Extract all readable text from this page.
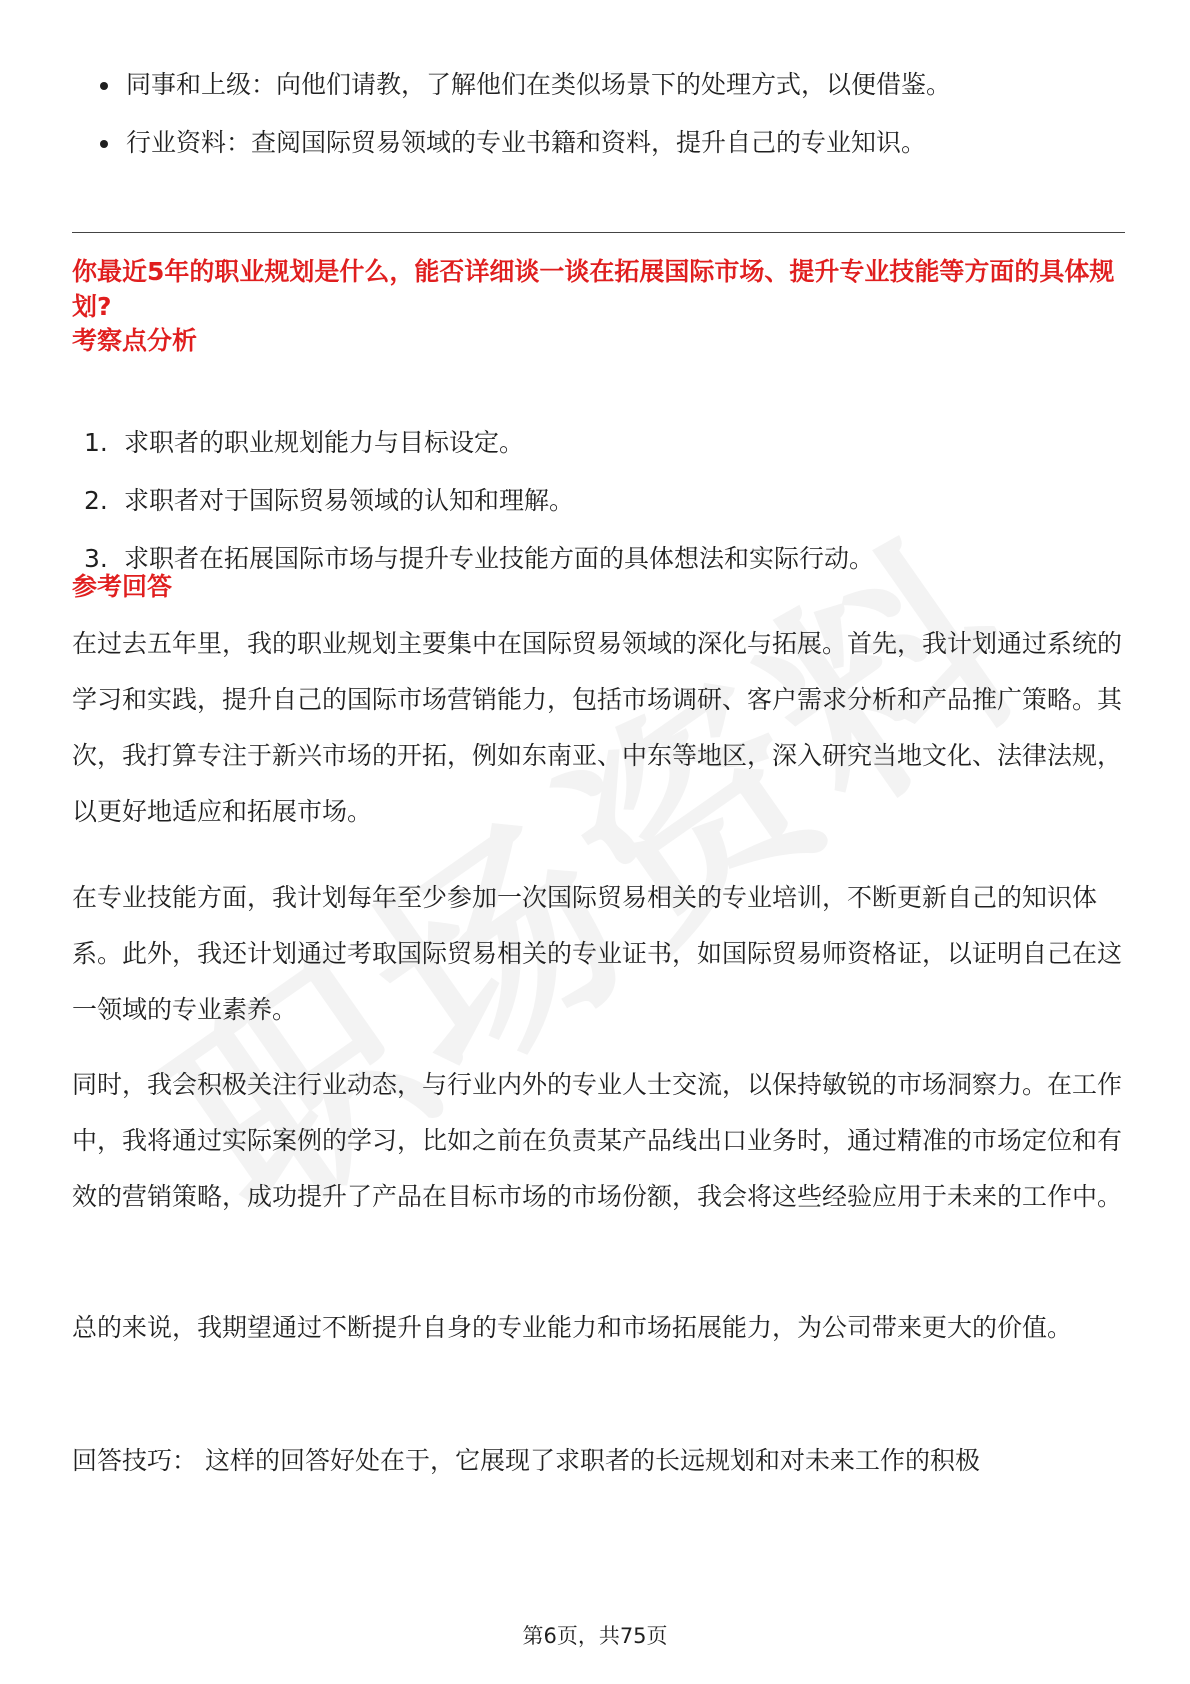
同事和上级：向他们请教，了解他们在类似场景下的处理方式，以便借鉴。
行业资料：查阅国际贸易领域的专业书籍和资料，提升自己的专业知识。
你最近5年的职业规划是什么，能否详细谈一谈在拓展国际市场、提升专业技能等方面的具体规划?
考察点分析
1. 求职者的职业规划能力与目标设定。
2. 求职者对于国际贸易领域的认知和理解。
3. 求职者在拓展国际市场与提升专业技能方面的具体想法和实际行动。
参考回答

在过去五年里，我的职业规划主要集中在国际贸易领域的深化与拓展。首先，我计划通过系统的学习和实践，提升自己的国际市场营销能力，包括市场调研、客户需求分析和产品推广策略。其次，我打算专注于新兴市场的开拓，例如东南亚、中东等地区，深入研究当地文化、法律法规，以更好地适应和拓展市场。

在专业技能方面，我计划每年至少参加一次国际贸易相关的专业培训，不断更新自己的知识体系。此外，我还计划通过考取国际贸易相关的专业证书，如国际贸易师资格证，以证明自己在这一领域的专业素养。

同时，我会积极关注行业动态，与行业内外的专业人士交流，以保持敏锐的市场洞察力。在工作中，我将通过实际案例的学习，比如之前在负责某产品线出口业务时，通过精准的市场定位和有效的营销策略，成功提升了产品在目标市场的市场份额，我会将这些经验应用于未来的工作中。

总的来说，我期望通过不断提升自身的专业能力和市场拓展能力，为公司带来更大的价值。

回答技巧： 这样的回答好处在于，它展现了求职者的长远规划和对未来工作的积极

第6页，共75页
